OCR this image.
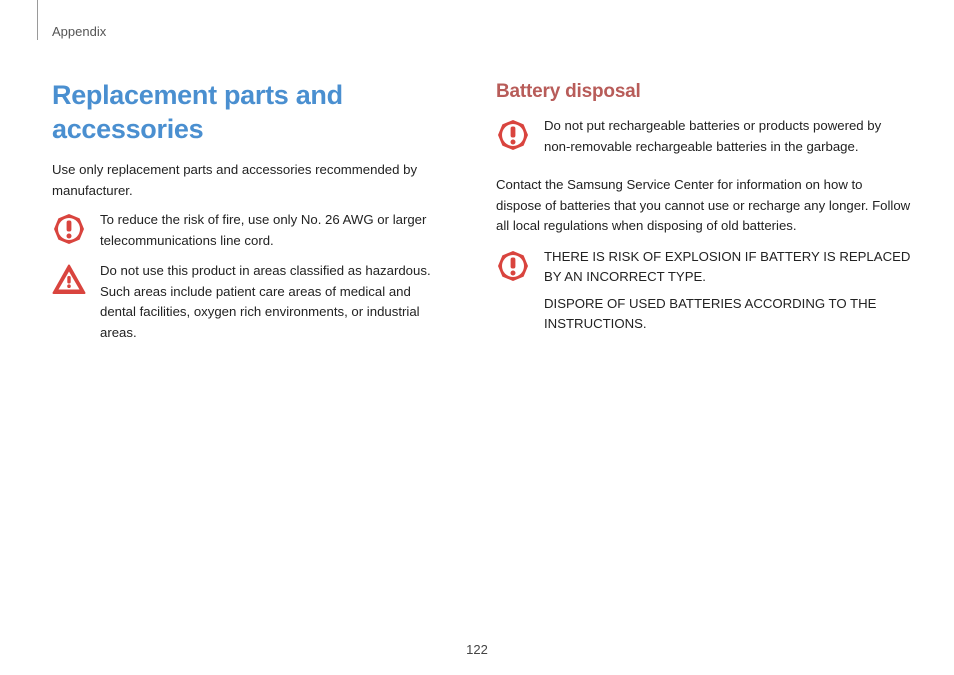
Appendix
Replacement parts and accessories

Use only replacement parts and accessories recommended by manufacturer.

To reduce the risk of fire, use only No. 26 AWG or larger telecommunications line cord.

Do not use this product in areas classified as hazardous. Such areas include patient care areas of medical and dental facilities, oxygen rich environments, or industrial areas.

Battery disposal

Do not put rechargeable batteries or products powered by non-removable rechargeable batteries in the garbage.

Contact the Samsung Service Center for information on how to dispose of batteries that you cannot use or recharge any longer. Follow all local regulations when disposing of old batteries.

THERE IS RISK OF EXPLOSION IF BATTERY IS REPLACED BY AN INCORRECT TYPE.

DISPORE OF USED BATTERIES ACCORDING TO THE INSTRUCTIONS.

122
